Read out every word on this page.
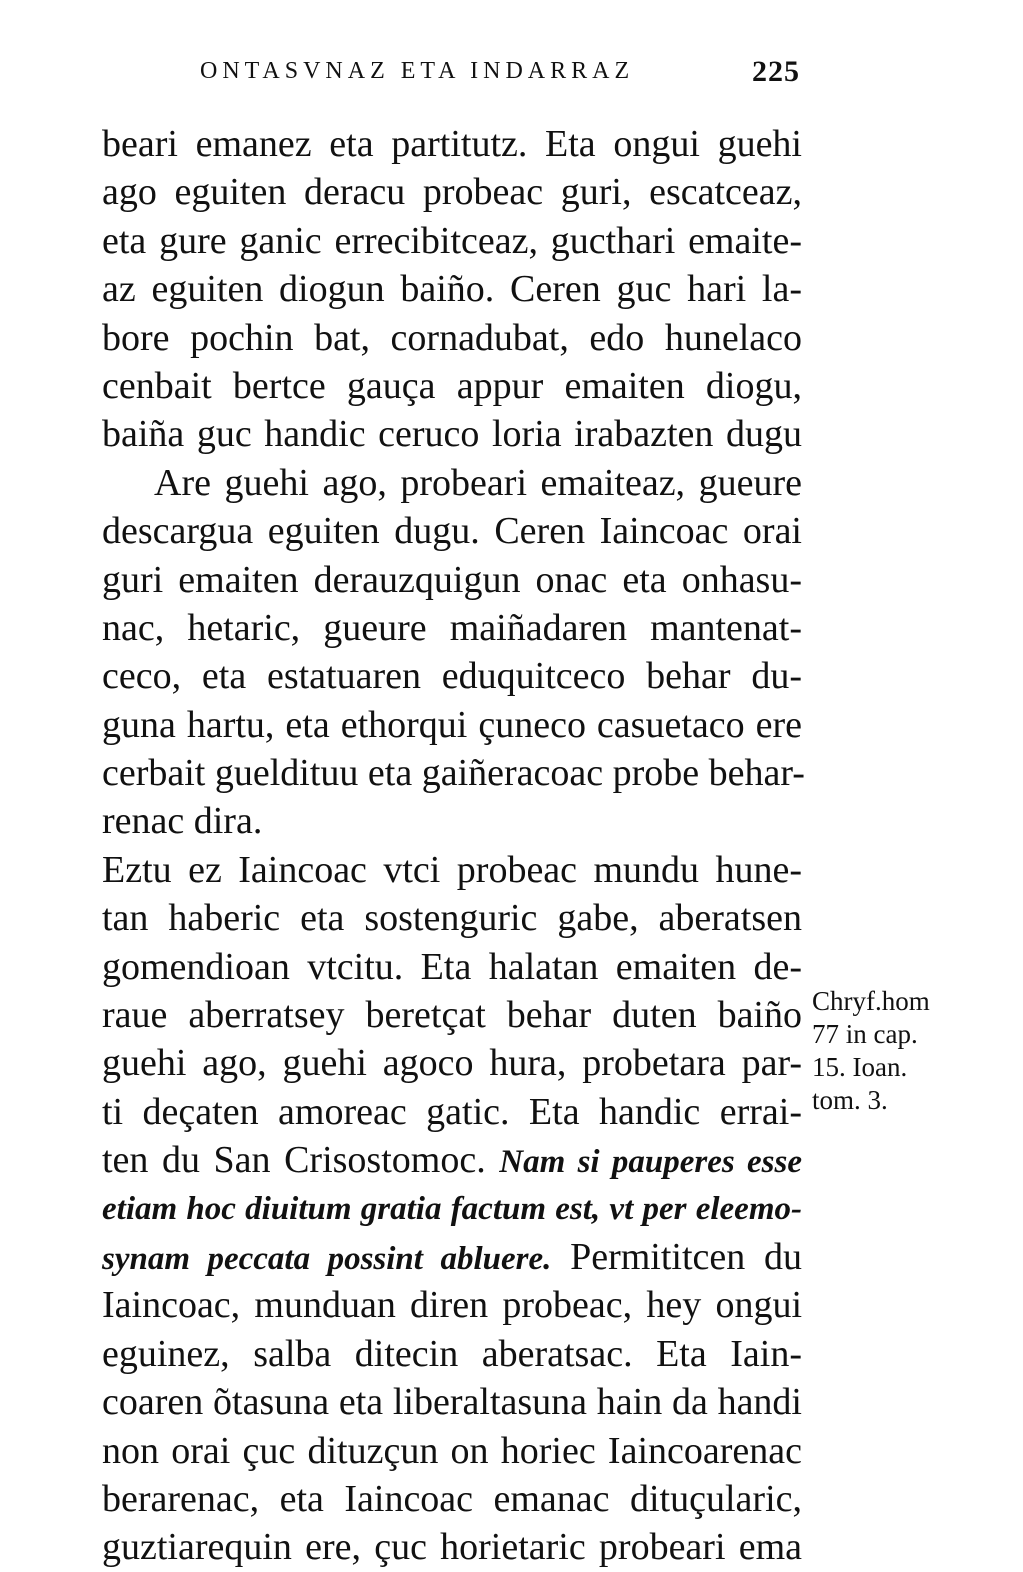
ONTASVNAZ ETA INDARRAZ	225
beari emanez eta partitutz. Eta ongui guehi
ago eguiten deracu probeac guri, escatceaz,
eta gure ganic errecibitceaz, gucthari emaite-
az eguiten diogun baiño. Ceren guc hari la-
bore pochin bat, cornadubat, edo hunelaco
cenbait bertce gauça appur emaiten diogu,
baiña guc handic ceruco loria irabazten dugu
Are guehi ago, probeari emaiteaz, gueure
descargua eguiten dugu. Ceren Iaincoac orai
guri emaiten derauzquigun onac eta onhasu-
nac, hetaric, gueure maiñadaren mantenat-
ceco, eta estatuaren eduquitceco behar du-
guna hartu, eta ethorqui çuneco casuetaco ere
cerbait gueldituu eta gaiñeracoac probe behar-
renac dira.
Eztu ez Iaincoac vtci probeac mundu hune-
tan haberic eta sostenguric gabe, aberatsen
gomendioan vtcitu. Eta halatan emaiten de-
raue aberratsey beretçat behar duten baiño
guehi ago, guehi agoco hura, probetara par-
ti deçaten amoreac gatic. Eta handic errai-
ten du San Crisostomoc. Nam si pauperes esse
etiam hoc diuitum gratia factum est, vt per eleemo-
synam peccata possint abluere. Permititcen du
Iaincoac, munduan diren probeac, hey ongui
eguinez, salba ditecin aberatsac. Eta Iain-
coaren õtasuna eta liberaltasuna hain da handi
non orai çuc dituzçun on horiec Iaincoarenac
berarenac, eta Iaincoac emanac dituçularic,
guztiarequin ere, çuc horietaric probeari ema
Chryf.hom
77 in cap.
15. Ioan.
tom. 3.
